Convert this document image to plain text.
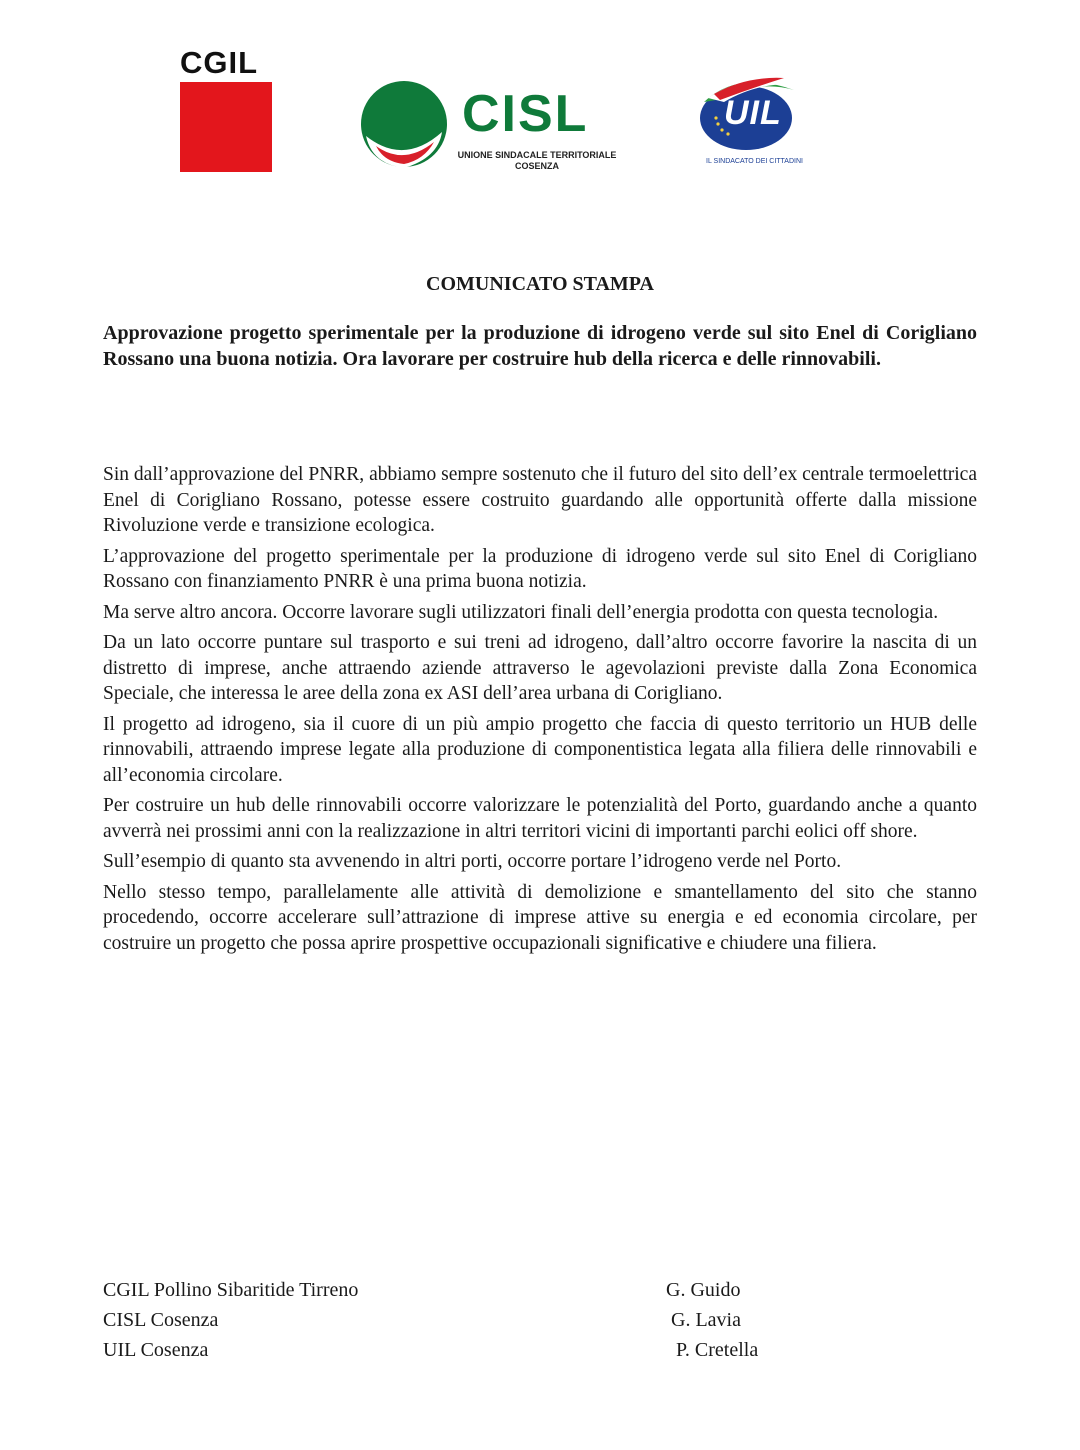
CGIL
CISL
UNIONE SINDACALE TERRITORIALE
COSENZA
UIL
IL SINDACATO DEI CITTADINI
COMUNICATO STAMPA
Approvazione progetto sperimentale per la produzione di idrogeno verde sul sito Enel di Corigliano Rossano una buona notizia. Ora lavorare per costruire hub della ricerca e delle rinnovabili.

Sin dall’approvazione del PNRR, abbiamo sempre sostenuto che il futuro del sito dell’ex centrale termoelettrica Enel di Corigliano Rossano, potesse essere costruito guardando alle opportunità offerte dalla missione Rivoluzione verde e transizione ecologica.

L’approvazione del progetto sperimentale per la produzione di idrogeno verde sul sito Enel di Corigliano Rossano con finanziamento PNRR è una prima buona notizia.

Ma serve altro ancora. Occorre lavorare sugli utilizzatori finali dell’energia prodotta con questa tecnologia.

Da un lato occorre puntare sul trasporto e sui treni ad idrogeno, dall’altro occorre favorire la nascita di un distretto di imprese, anche attraendo aziende attraverso le agevolazioni previste dalla Zona Economica Speciale, che interessa le aree della zona ex ASI dell’area urbana di Corigliano.

Il progetto ad idrogeno, sia il cuore di un più ampio progetto che faccia di questo territorio un HUB delle rinnovabili, attraendo imprese legate alla produzione di componentistica legata alla filiera delle rinnovabili e all’economia circolare.

Per costruire un hub delle rinnovabili occorre valorizzare le potenzialità del Porto, guardando anche a quanto avverrà nei prossimi anni con la realizzazione in altri territori vicini di importanti parchi eolici off shore.

Sull’esempio di quanto sta avvenendo in altri porti, occorre portare l’idrogeno verde nel Porto.

Nello stesso tempo, parallelamente alle attività di demolizione e smantellamento del sito che stanno procedendo, occorre accelerare sull’attrazione di imprese attive su energia e ed economia circolare, per costruire un progetto che possa aprire prospettive occupazionali significative e chiudere una filiera.

CGIL Pollino Sibaritide Tirreno
CISL Cosenza
UIL Cosenza
G. Guido
G. Lavia
P. Cretella
